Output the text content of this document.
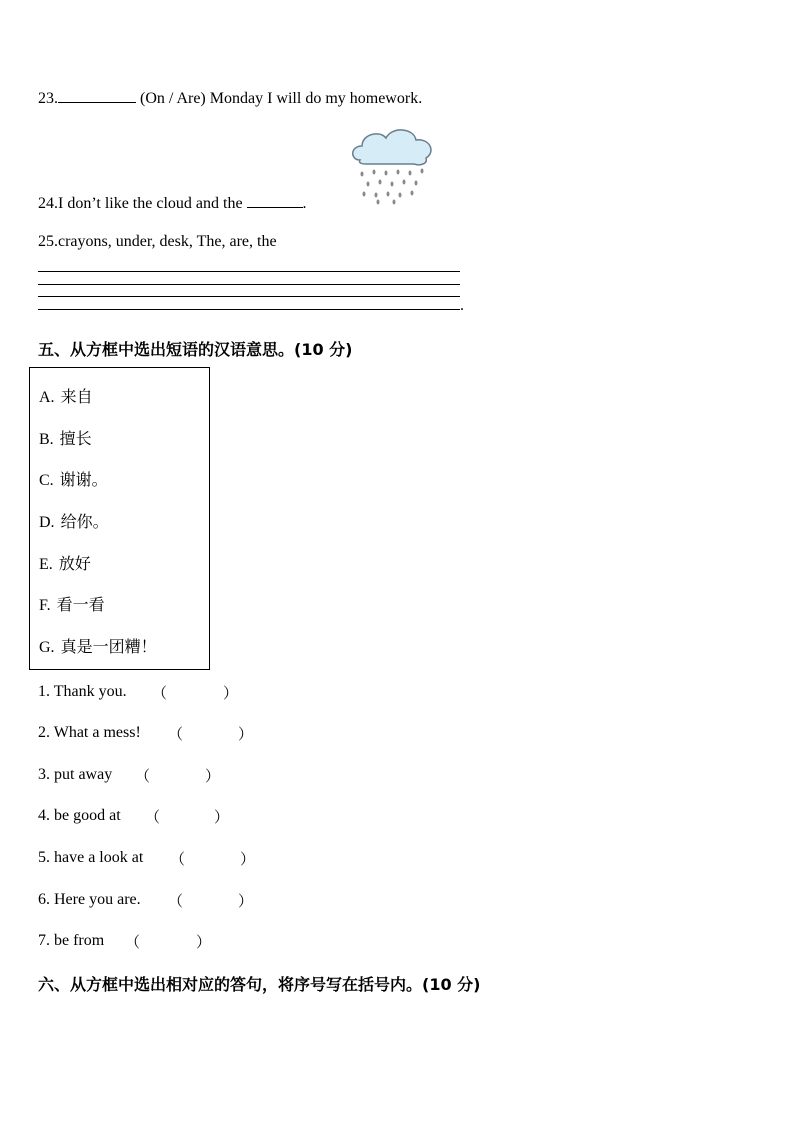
23.	(On / Are) Monday I will do my homework.
24.I don’t like the cloud and the	.
25.crayons, under, desk, The, are, the
.
五、从方框中选出短语的汉语意思。(10 分)
A. 来自
B. 擅长
C. 谢谢。
D. 给你。
E. 放好
F. 看一看
G. 真是一团糟！
1. Thank you. （	）
2. What a mess! （	）
3. put away （	）
4. be good at （	）
5. have a look at （	）
6. Here you are. （	）
7. be from （	）
六、从方框中选出相对应的答句，将序号写在括号内。(10 分)
